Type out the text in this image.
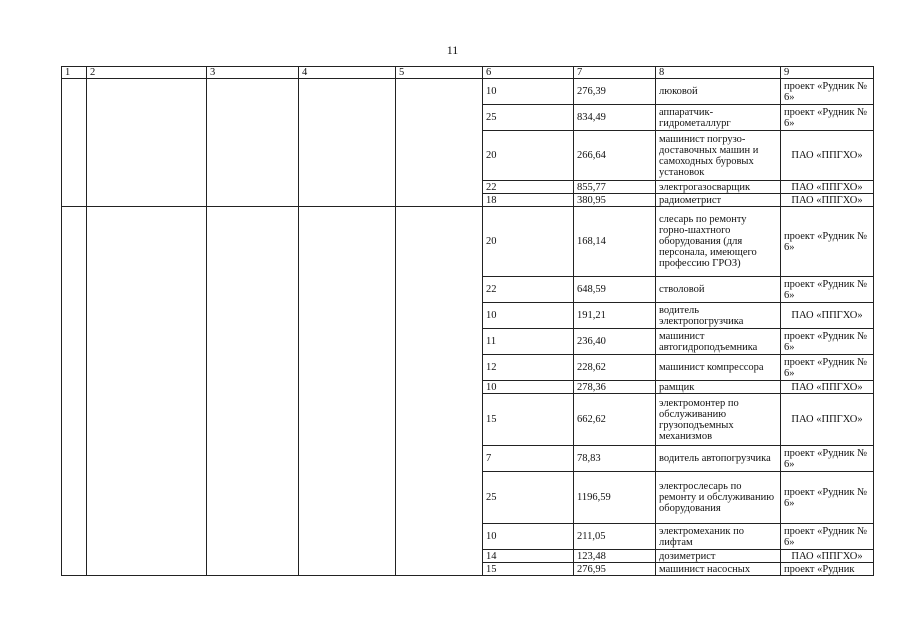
11
1	2	3	4	5	6	7	8	9
					10	276,39	люковой	проект «Рудник № 6»
					25	834,49	аппаратчик-гидрометаллург	проект «Рудник № 6»
					20	266,64	машинист погрузо-доставочных машин и самоходных буровых установок	ПАО «ППГХО»
					22	855,77	электрогазосварщик	ПАО «ППГХО»
					18	380,95	радиометрист	ПАО «ППГХО»
					20	168,14	слесарь по ремонту горно-шахтного оборудования (для персонала, имеющего профессию ГРОЗ)	проект «Рудник № 6»
					22	648,59	стволовой	проект «Рудник № 6»
					10	191,21	водитель электропогрузчика	ПАО «ППГХО»
					11	236,40	машинист автогидроподъемника	проект «Рудник № 6»
					12	228,62	машинист компрессора	проект «Рудник № 6»
					10	278,36	рамщик	ПАО «ППГХО»
					15	662,62	электромонтер по обслуживанию грузоподъемных механизмов	ПАО «ППГХО»
					7	78,83	водитель автопогрузчика	проект «Рудник № 6»
					25	1196,59	электрослесарь по ремонту и обслуживанию оборудования	проект «Рудник № 6»
					10	211,05	электромеханик по лифтам	проект «Рудник № 6»
					14	123,48	дозиметрист	ПАО «ППГХО»
					15	276,95	машинист насосных	проект «Рудник
